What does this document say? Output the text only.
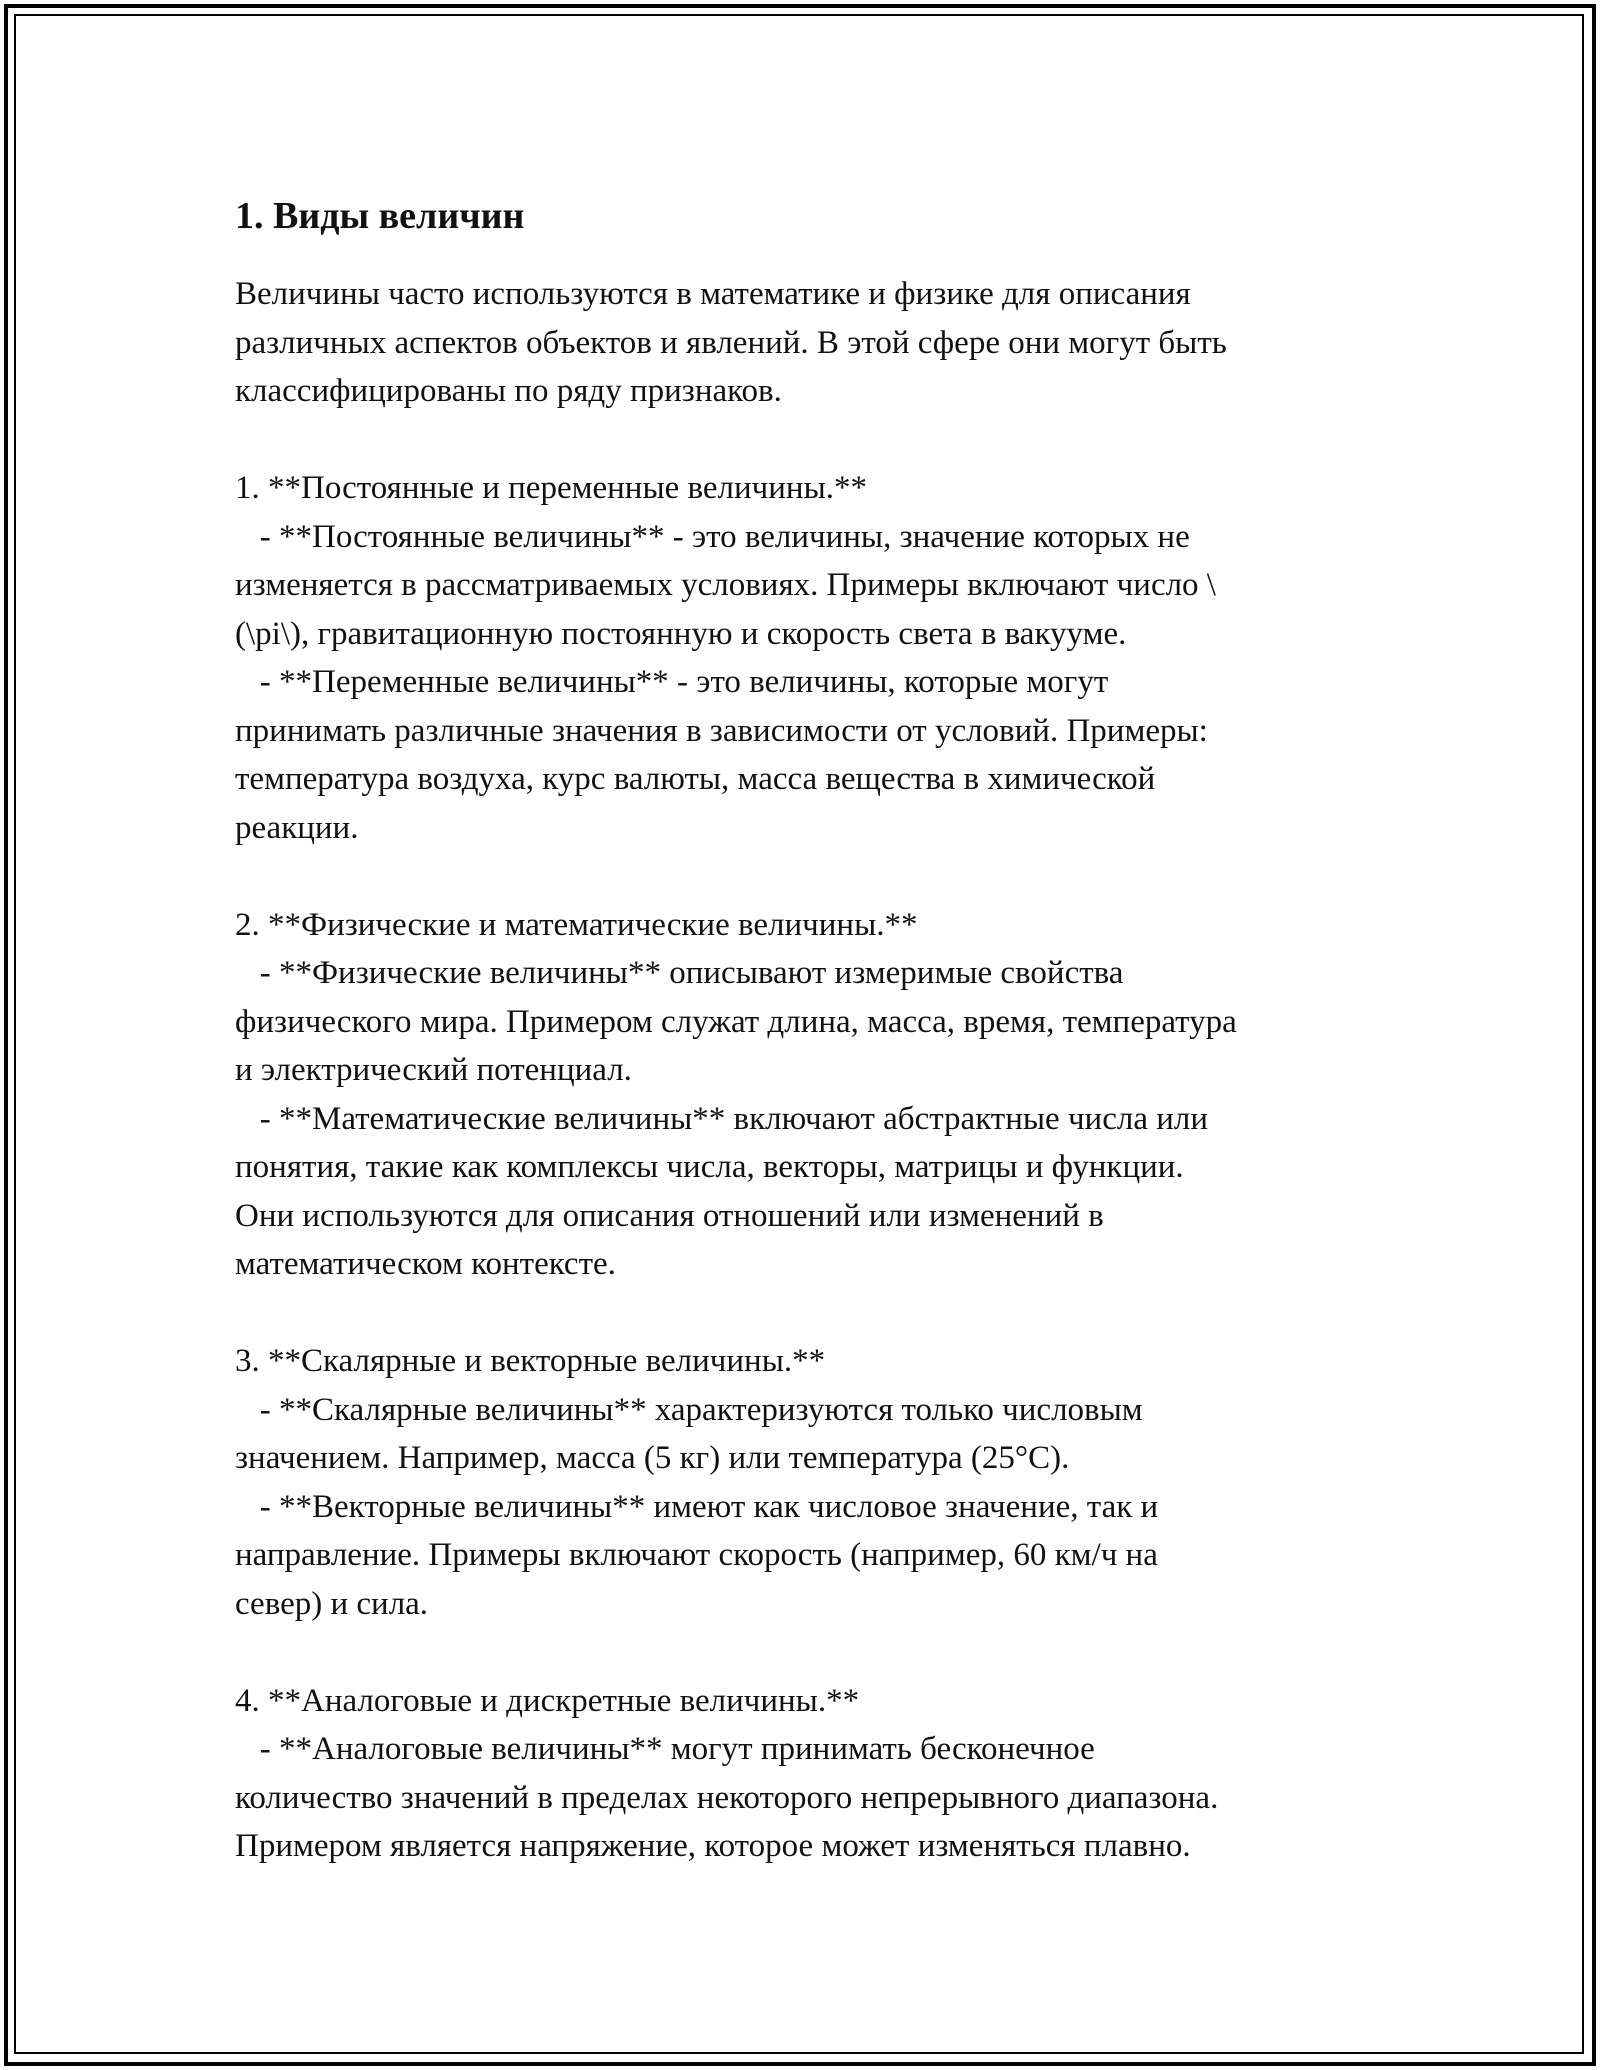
1. Виды величин

Величины часто используются в математике и физике для описания
различных аспектов объектов и явлений. В этой сфере они могут быть
классифицированы по ряду признаков.

1. **Постоянные и переменные величины.**
- **Постоянные величины** - это величины, значение которых не
изменяется в рассматриваемых условиях. Примеры включают число \
(\pi\), гравитационную постоянную и скорость света в вакууме.
- **Переменные величины** - это величины, которые могут
принимать различные значения в зависимости от условий. Примеры:
температура воздуха, курс валюты, масса вещества в химической
реакции.

2. **Физические и математические величины.**
- **Физические величины** описывают измеримые свойства
физического мира. Примером служат длина, масса, время, температура
и электрический потенциал.
- **Математические величины** включают абстрактные числа или
понятия, такие как комплексы числа, векторы, матрицы и функции.
Они используются для описания отношений или изменений в
математическом контексте.

3. **Скалярные и векторные величины.**
- **Скалярные величины** характеризуются только числовым
значением. Например, масса (5 кг) или температура (25°C).
- **Векторные величины** имеют как числовое значение, так и
направление. Примеры включают скорость (например, 60 км/ч на
север) и сила.

4. **Аналоговые и дискретные величины.**
- **Аналоговые величины** могут принимать бесконечное
количество значений в пределах некоторого непрерывного диапазона.
Примером является напряжение, которое может изменяться плавно.
